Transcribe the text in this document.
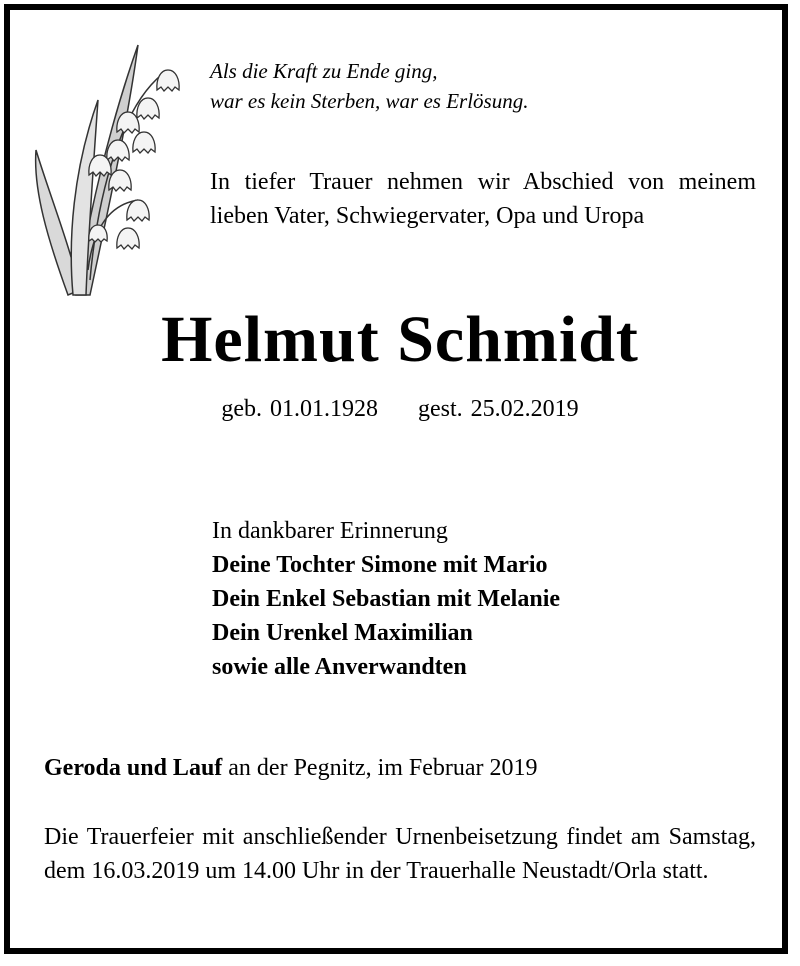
Als die Kraft zu Ende ging,
war es kein Sterben, war es Erlösung.
In tiefer Trauer nehmen wir Abschied von meinem lieben Vater, Schwiegervater, Opa und Uropa
Helmut Schmidt
geb. 01.01.1928 gest. 25.02.2019
In dankbarer Erinnerung
Deine Tochter Simone mit Mario
Dein Enkel Sebastian mit Melanie
Dein Urenkel Maximilian
sowie alle Anverwandten
Geroda und Lauf an der Pegnitz, im Februar 2019
Die Trauerfeier mit anschließender Urnenbeisetzung findet am Samstag, dem 16.03.2019 um 14.00 Uhr in der Trauerhalle Neustadt/Orla statt.
